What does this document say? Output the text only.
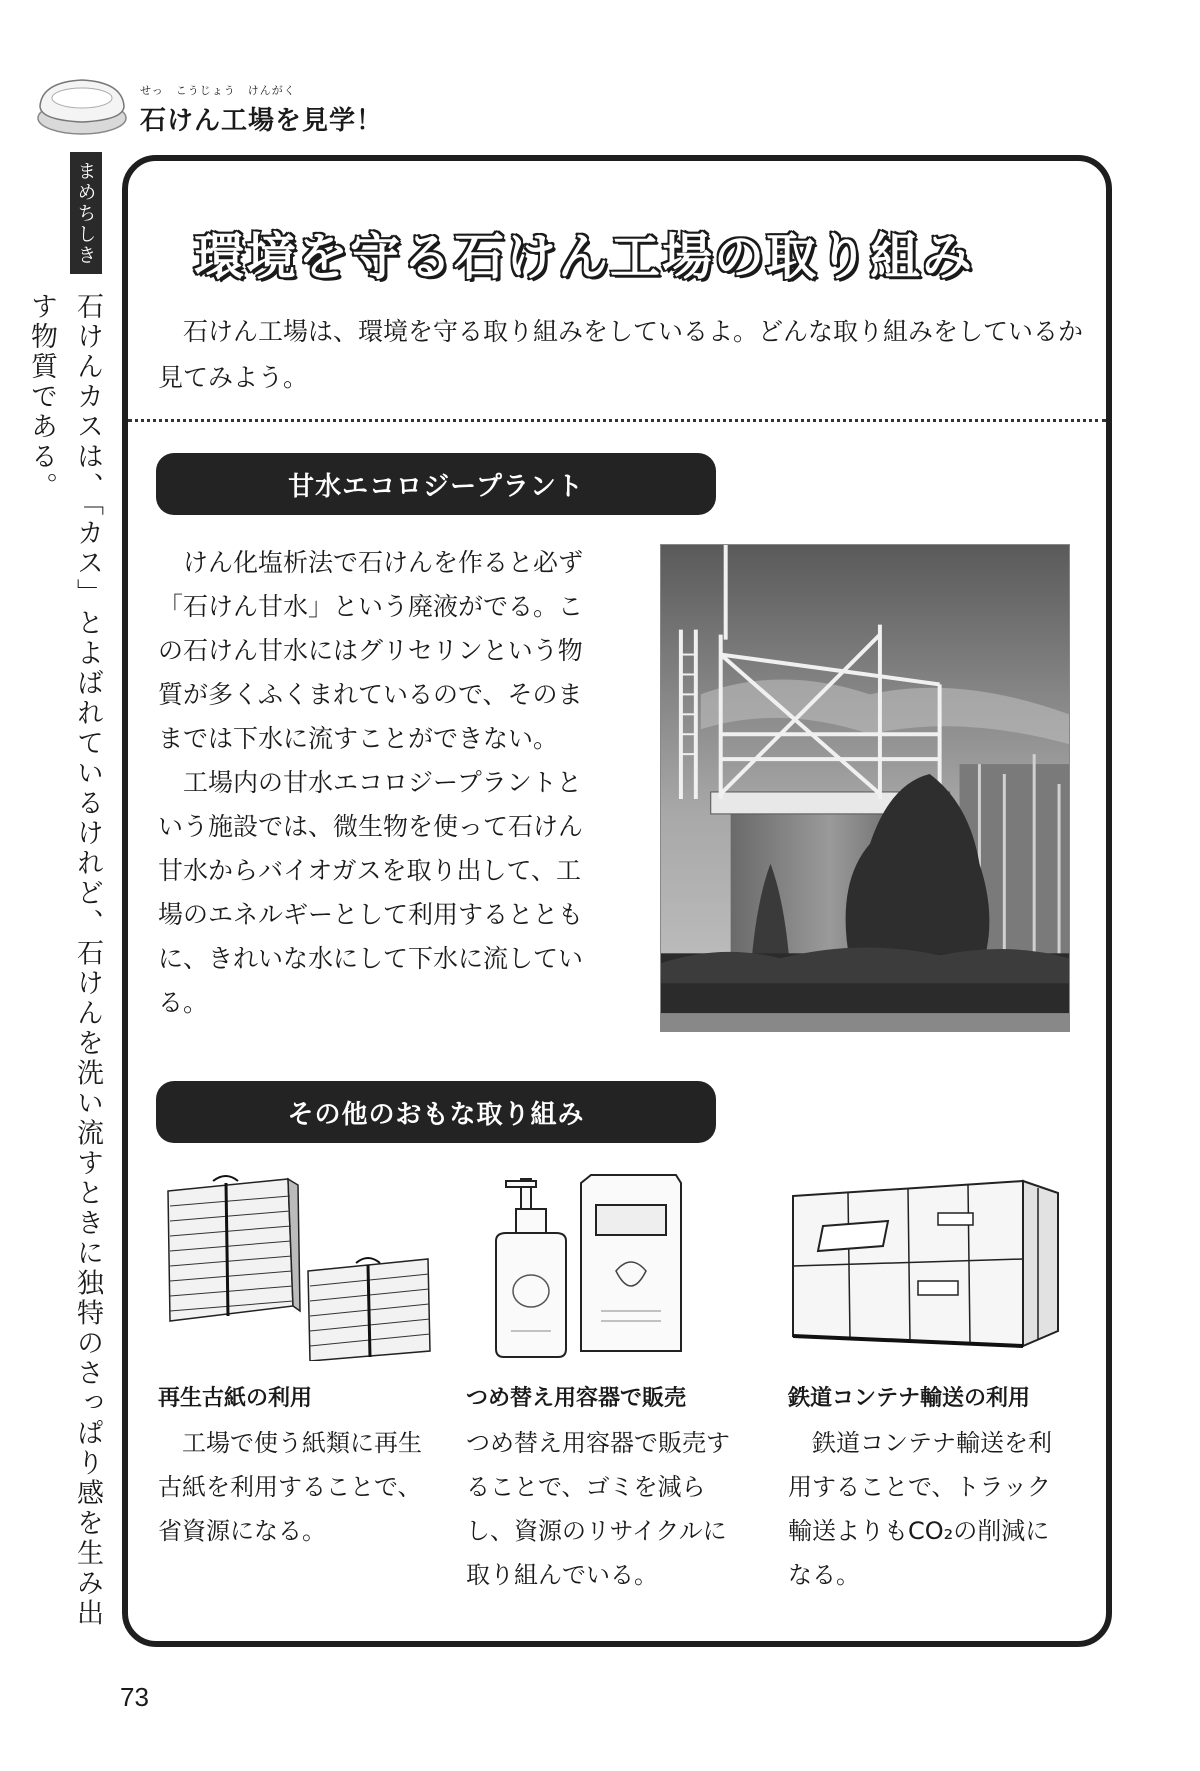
せっ　こうじょう　けんがく
石けん工場を見学！
まめちしき
石けんカスは、「カス」とよばれているけれど、石けんを洗い流すときに独特のさっぱり感を生み出す物質である。
環境を守る石けん工場の取り組み
石けん工場は、環境を守る取り組みをしているよ。どんな取り組みをしているか見てみよう。
甘水エコロジープラント

けん化塩析法で石けんを作ると必ず「石けん甘水」という廃液がでる。この石けん甘水にはグリセリンという物質が多くふくまれているので、そのままでは下水に流すことができない。

工場内の甘水エコロジープラントという施設では、微生物を使って石けん甘水からバイオガスを取り出して、工場のエネルギーとして利用するとともに、きれいな水にして下水に流している。

その他のおもな取り組み
再生古紙の利用
工場で使う紙類に再生古紙を利用することで、省資源になる。
つめ替え用容器で販売
つめ替え用容器で販売することで、ゴミを減らし、資源のリサイクルに取り組んでいる。
鉄道コンテナ輸送の利用
鉄道コンテナ輸送を利用することで、トラック輸送よりもCO₂の削減になる。
73
